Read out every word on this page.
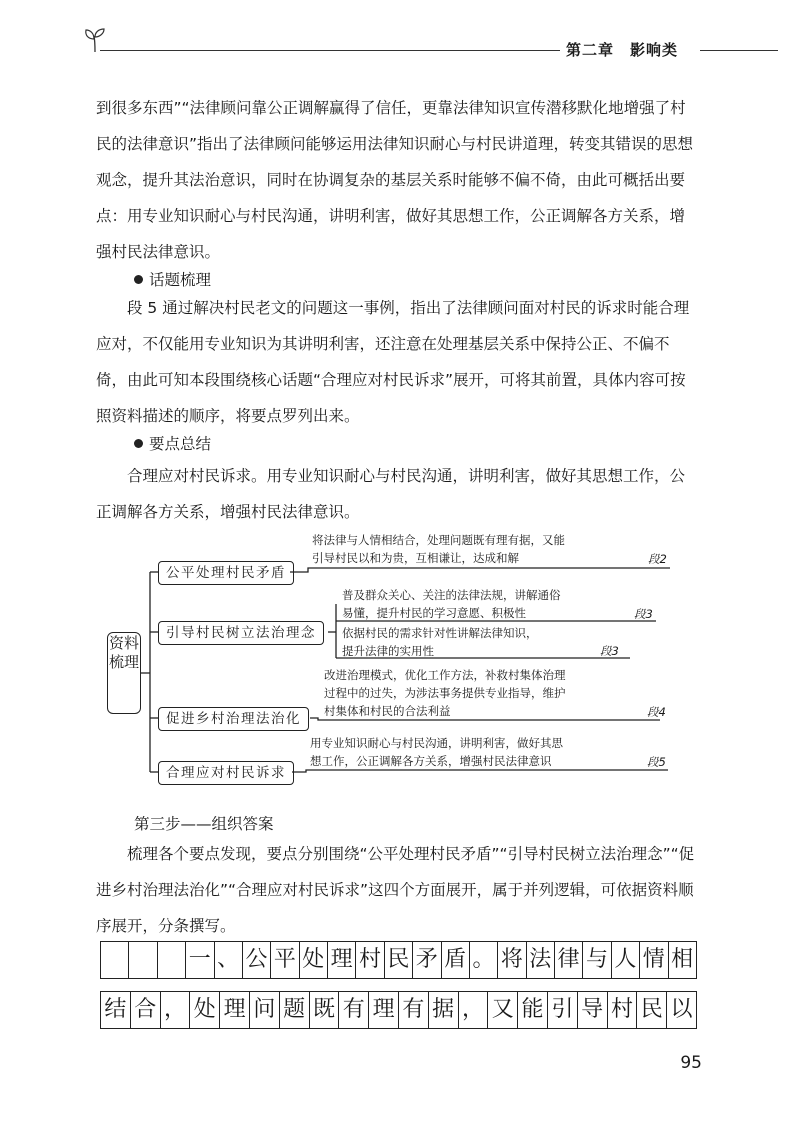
第二章　影响类

到很多东西”“法律顾问靠公正调解赢得了信任，更靠法律知识宣传潜移默化地增强了村民的法律意识”指出了法律顾问能够运用法律知识耐心与村民讲道理，转变其错误的思想观念，提升其法治意识，同时在协调复杂的基层关系时能够不偏不倚，由此可概括出要点：用专业知识耐心与村民沟通，讲明利害，做好其思想工作，公正调解各方关系，增强村民法律意识。

话题梳理

段 5 通过解决村民老文的问题这一事例，指出了法律顾问面对村民的诉求时能合理应对，不仅能用专业知识为其讲明利害，还注意在处理基层关系中保持公正、不偏不倚，由此可知本段围绕核心话题“合理应对村民诉求”展开，可将其前置，具体内容可按照资料描述的顺序，将要点罗列出来。

要点总结

合理应对村民诉求。用专业知识耐心与村民沟通，讲明利害，做好其思想工作，公正调解各方关系，增强村民法律意识。

资料梳理
公平处理村民矛盾
引导村民树立法治理念
促进乡村治理法治化
合理应对村民诉求
将法律与人情相结合，处理问题既有理有据，又能
引导村民以和为贵，互相谦让，达成和解	段2
普及群众关心、关注的法律法规，讲解通俗
易懂，提升村民的学习意愿、积极性	段3
依据村民的需求针对性讲解法律知识，
提升法律的实用性	段3
改进治理模式，优化工作方法，补救村集体治理
过程中的过失，为涉法事务提供专业指导，维护
村集体和村民的合法利益	段4
用专业知识耐心与村民沟通，讲明利害，做好其思
想工作，公正调解各方关系，增强村民法律意识	段5
第三步——组织答案

梳理各个要点发现，要点分别围绕“公平处理村民矛盾”“引导村民树立法治理念”“促进乡村治理法治化”“合理应对村民诉求”这四个方面展开，属于并列逻辑，可依据资料顺序展开，分条撰写。

一 、 公 平 处 理 村 民 矛 盾 。 将 法 律 与 人 情 相
结 合 ， 处 理 问 题 既 有 理 有 据 ， 又 能 引 导 村 民 以
95
